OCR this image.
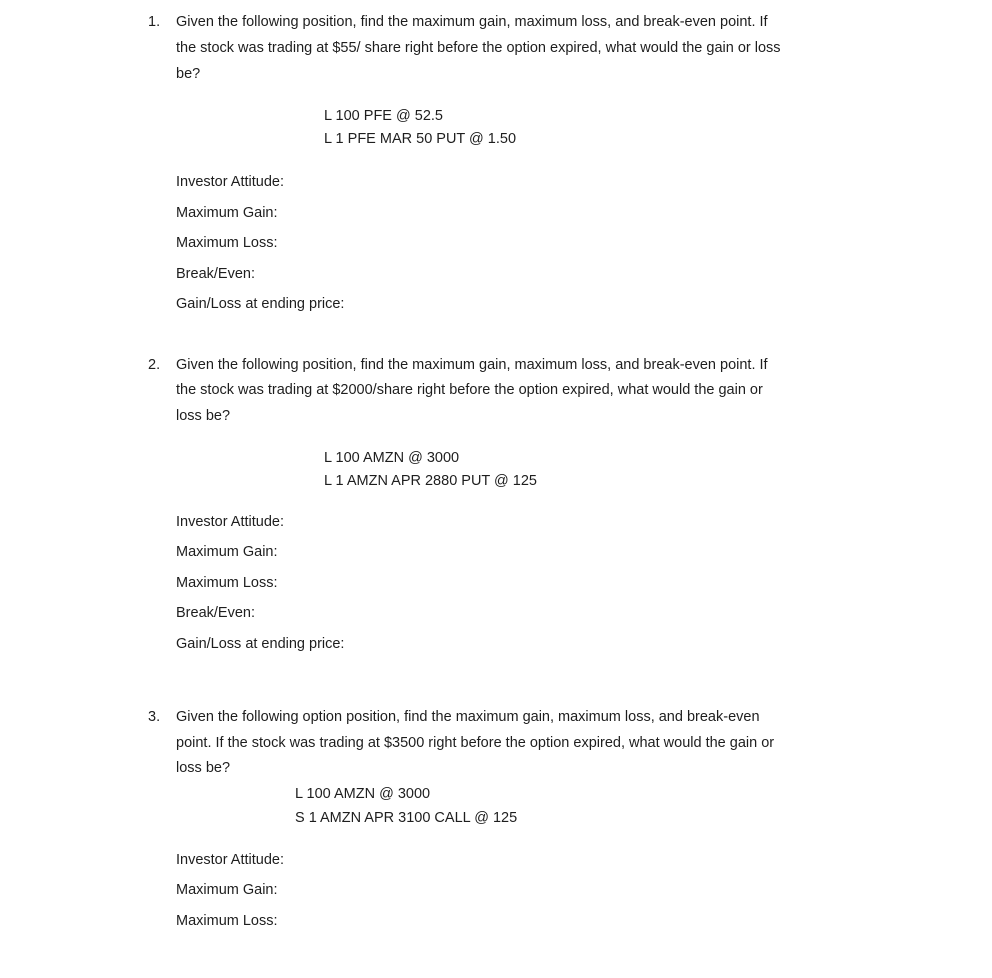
1. Given the following position, find the maximum gain, maximum loss, and break-even point. If
the stock was trading at $55/ share right before the option expired, what would the gain or loss
be?
L 100 PFE @ 52.5
L 1 PFE MAR 50 PUT @ 1.50
Investor Attitude:
Maximum Gain:
Maximum Loss:
Break/Even:
Gain/Loss at ending price:
2. Given the following position, find the maximum gain, maximum loss, and break-even point. If
the stock was trading at $2000/share right before the option expired, what would the gain or
loss be?
L 100 AMZN @ 3000
L 1 AMZN APR 2880 PUT @ 125
Investor Attitude:
Maximum Gain:
Maximum Loss:
Break/Even:
Gain/Loss at ending price:
3. Given the following option position, find the maximum gain, maximum loss, and break-even
point. If the stock was trading at $3500 right before the option expired, what would the gain or
loss be?
L 100 AMZN @ 3000
S 1 AMZN APR 3100 CALL @ 125
Investor Attitude:
Maximum Gain:
Maximum Loss:
